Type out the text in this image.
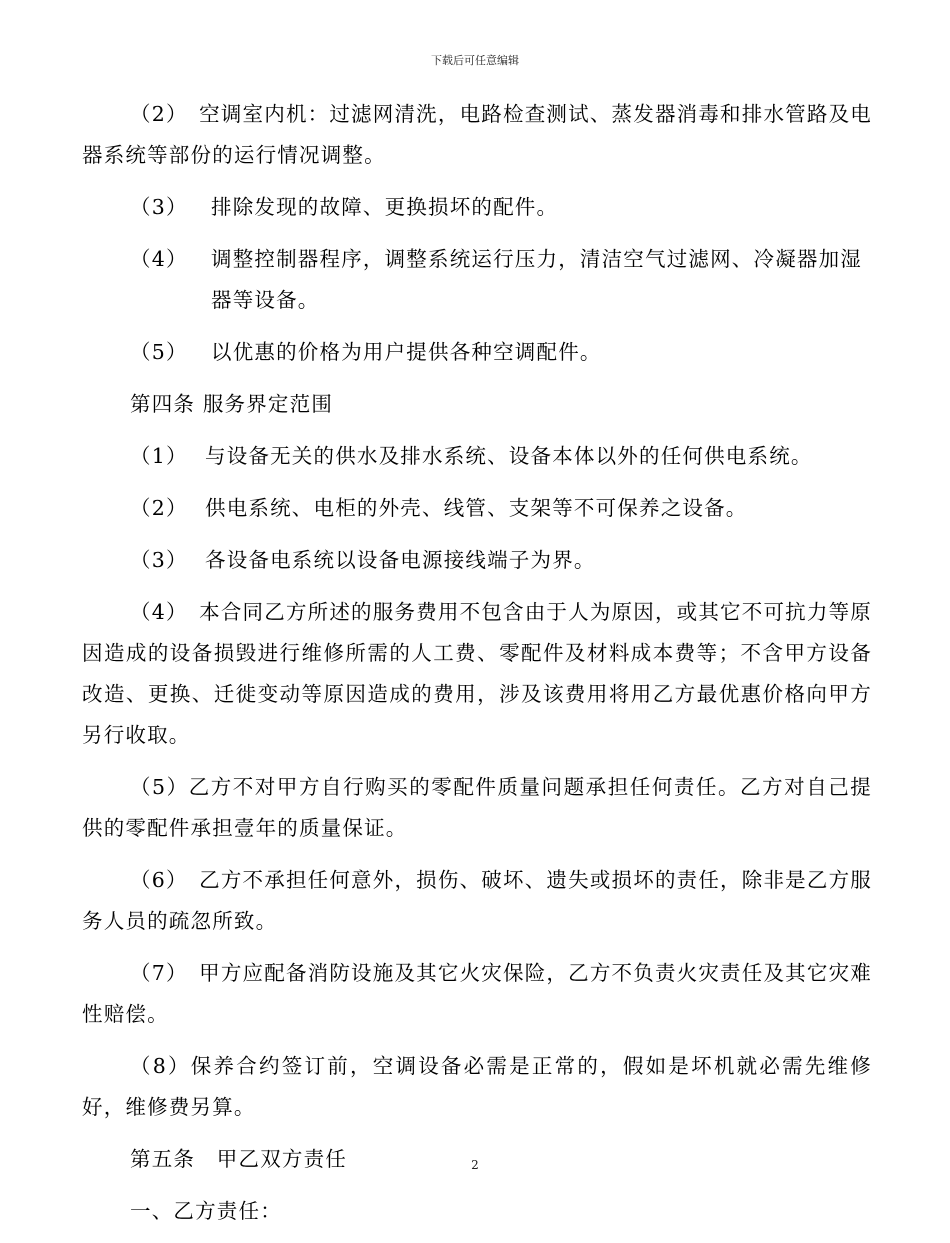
下载后可任意编辑

（2）　空调室内机：过滤网清洗，电路检查测试、蒸发器消毒和排水管路及电器系统等部份的运行情况调整。

（3）	排除发现的故障、更换损坏的配件。
（4）	调整控制器程序，调整系统运行压力，清洁空气过滤网、冷凝器加湿器等设备。
（5）	以优惠的价格为用户提供各种空调配件。
第四条 服务界定范围
（1） 与设备无关的供水及排水系统、设备本体以外的任何供电系统。
（2） 供电系统、电柜的外壳、线管、支架等不可保养之设备。
（3） 各设备电系统以设备电源接线端子为界。

（4）　本合同乙方所述的服务费用不包含由于人为原因，或其它不可抗力等原因造成的设备损毁进行维修所需的人工费、零配件及材料成本费等；不含甲方设备改造、更换、迁徙变动等原因造成的费用，涉及该费用将用乙方最优惠价格向甲方另行收取。

（5）乙方不对甲方自行购买的零配件质量问题承担任何责任。乙方对自己提供的零配件承担壹年的质量保证。

（6）　乙方不承担任何意外，损伤、破坏、遗失或损坏的责任，除非是乙方服务人员的疏忽所致。

（7）　甲方应配备消防设施及其它火灾保险，乙方不负责火灾责任及其它灾难性赔偿。

（8）保养合约签订前，空调设备必需是正常的，假如是坏机就必需先维修好，维修费另算。

第五条　甲乙双方责任
一、乙方责任：
2
